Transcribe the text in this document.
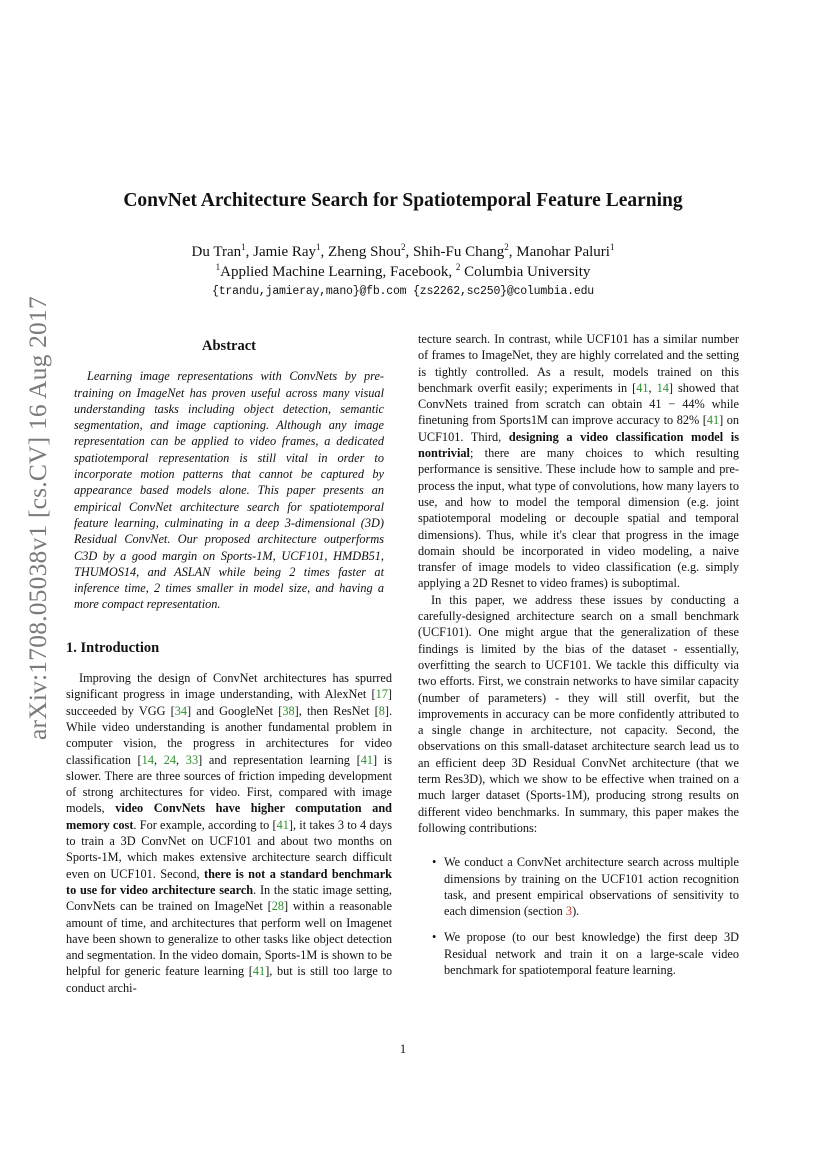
arXiv:1708.05038v1 [cs.CV] 16 Aug 2017
ConvNet Architecture Search for Spatiotemporal Feature Learning
Du Tran$^1$, Jamie Ray$^1$, Zheng Shou$^2$, Shih-Fu Chang$^2$, Manohar Paluri$^1$
$^1$Applied Machine Learning, Facebook, $^2$ Columbia University
{trandu,jamieray,mano}@fb.com {zs2262,sc250}@columbia.edu
Abstract

Learning image representations with ConvNets by pre-training on ImageNet has proven useful across many visual understanding tasks including object detection, semantic segmentation, and image captioning. Although any image representation can be applied to video frames, a dedicated spatiotemporal representation is still vital in order to incorporate motion patterns that cannot be captured by appearance based models alone. This paper presents an empirical ConvNet architecture search for spatiotemporal feature learning, culminating in a deep 3-dimensional (3D) Residual ConvNet. Our proposed architecture outperforms C3D by a good margin on Sports-1M, UCF101, HMDB51, THUMOS14, and ASLAN while being 2 times faster at inference time, 2 times smaller in model size, and having a more compact representation.

1. Introduction

Improving the design of ConvNet architectures has spurred significant progress in image understanding, with AlexNet [17] succeeded by VGG [34] and GoogleNet [38], then ResNet [8]. While video understanding is another fundamental problem in computer vision, the progress in architectures for video classification [14, 24, 33] and representation learning [41] is slower. There are three sources of friction impeding development of strong architectures for video. First, compared with image models, video ConvNets have higher computation and memory cost. For example, according to [41], it takes 3 to 4 days to train a 3D ConvNet on UCF101 and about two months on Sports-1M, which makes extensive architecture search difficult even on UCF101. Second, there is not a standard benchmark to use for video architecture search. In the static image setting, ConvNets can be trained on ImageNet [28] within a reasonable amount of time, and architectures that perform well on Imagenet have been shown to generalize to other tasks like object detection and segmentation. In the video domain, Sports-1M is shown to be helpful for generic feature learning [41], but is still too large to conduct archi-

tecture search. In contrast, while UCF101 has a similar number of frames to ImageNet, they are highly correlated and the setting is tightly controlled. As a result, models trained on this benchmark overfit easily; experiments in [41, 14] showed that ConvNets trained from scratch can obtain 41 − 44% while finetuning from Sports1M can improve accuracy to 82% [41] on UCF101. Third, designing a video classification model is nontrivial; there are many choices to which resulting performance is sensitive. These include how to sample and pre-process the input, what type of convolutions, how many layers to use, and how to model the temporal dimension (e.g. joint spatiotemporal modeling or decouple spatial and temporal dimensions). Thus, while it's clear that progress in the image domain should be incorporated in video modeling, a naive transfer of image models to video classification (e.g. simply applying a 2D Resnet to video frames) is suboptimal.

In this paper, we address these issues by conducting a carefully-designed architecture search on a small benchmark (UCF101). One might argue that the generalization of these findings is limited by the bias of the dataset - essentially, overfitting the search to UCF101. We tackle this difficulty via two efforts. First, we constrain networks to have similar capacity (number of parameters) - they will still overfit, but the improvements in accuracy can be more confidently attributed to a single change in architecture, not capacity. Second, the observations on this small-dataset architecture search lead us to an efficient deep 3D Residual ConvNet architecture (that we term Res3D), which we show to be effective when trained on a much larger dataset (Sports-1M), producing strong results on different video benchmarks. In summary, this paper makes the following contributions:

• We conduct a ConvNet architecture search across multiple dimensions by training on the UCF101 action recognition task, and present empirical observations of sensitivity to each dimension (section 3).
• We propose (to our best knowledge) the first deep 3D Residual network and train it on a large-scale video benchmark for spatiotemporal feature learning.
1
